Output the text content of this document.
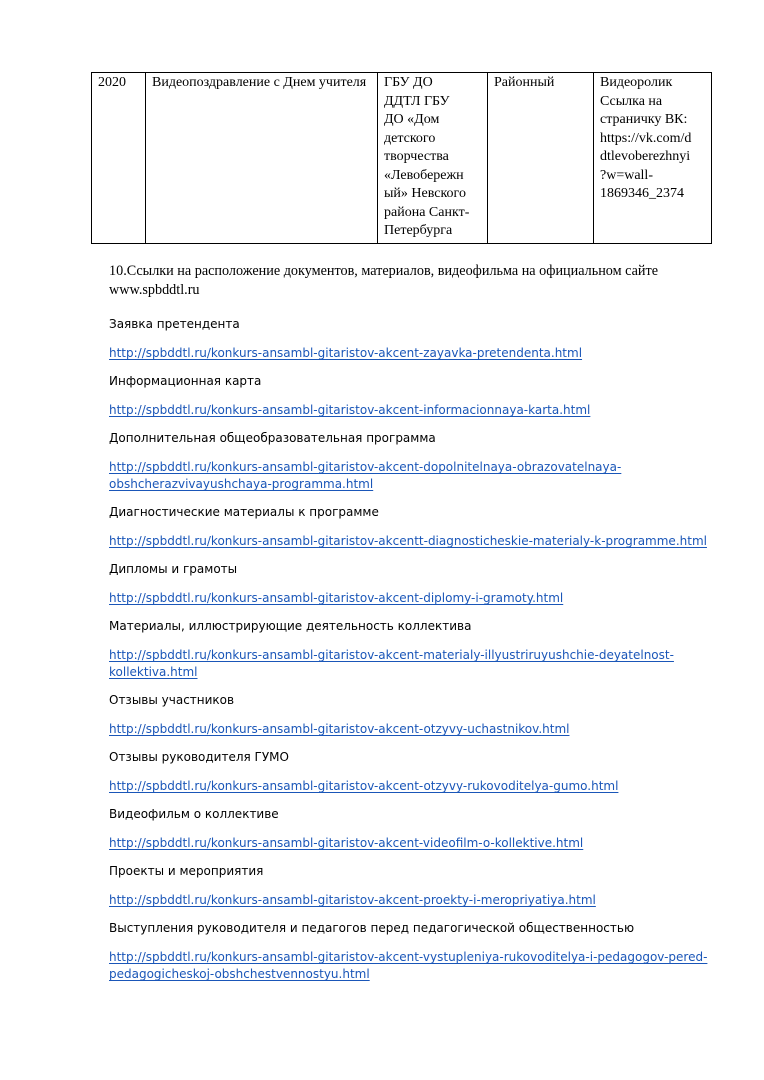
2020	Видеопоздравление с Днем учителя	ГБУ ДО
ДДТЛ ГБУ
ДО «Дом
детского
творчества
«Левобережн
ый» Невского
района Санкт-
Петербурга
	Районный	Видеоролик
Ссылка на
страничку ВК:
https://vk.com/d
dtlevoberezhnyi
?w=wall-
1869346_2374

10.Ссылки на расположение документов, материалов, видеофильма на официальном сайте
www.spbddtl.ru

Заявка претендента

http://spbddtl.ru/konkurs-ansambl-gitaristov-akcent-zayavka-pretendenta.html

Информационная карта

http://spbddtl.ru/konkurs-ansambl-gitaristov-akcent-informacionnaya-karta.html

Дополнительная общеобразовательная программа

http://spbddtl.ru/konkurs-ansambl-gitaristov-akcent-dopolnitelnaya-obrazovatelnaya-
obshcherazvivayushchaya-programma.html

Диагностические материалы к программе

http://spbddtl.ru/konkurs-ansambl-gitaristov-akcentt-diagnosticheskie-materialy-k-programme.html

Дипломы и грамоты

http://spbddtl.ru/konkurs-ansambl-gitaristov-akcent-diplomy-i-gramoty.html

Материалы, иллюстрирующие деятельность коллектива

http://spbddtl.ru/konkurs-ansambl-gitaristov-akcent-materialy-illyustriruyushchie-deyatelnost-
kollektiva.html

Отзывы участников

http://spbddtl.ru/konkurs-ansambl-gitaristov-akcent-otzyvy-uchastnikov.html

Отзывы руководителя ГУМО

http://spbddtl.ru/konkurs-ansambl-gitaristov-akcent-otzyvy-rukovoditelya-gumo.html

Видеофильм о коллективе

http://spbddtl.ru/konkurs-ansambl-gitaristov-akcent-videofilm-o-kollektive.html

Проекты и мероприятия

http://spbddtl.ru/konkurs-ansambl-gitaristov-akcent-proekty-i-meropriyatiya.html

Выступления руководителя и педагогов перед педагогической общественностью

http://spbddtl.ru/konkurs-ansambl-gitaristov-akcent-vystupleniya-rukovoditelya-i-pedagogov-pered-
pedagogicheskoj-obshchestvennostyu.html
